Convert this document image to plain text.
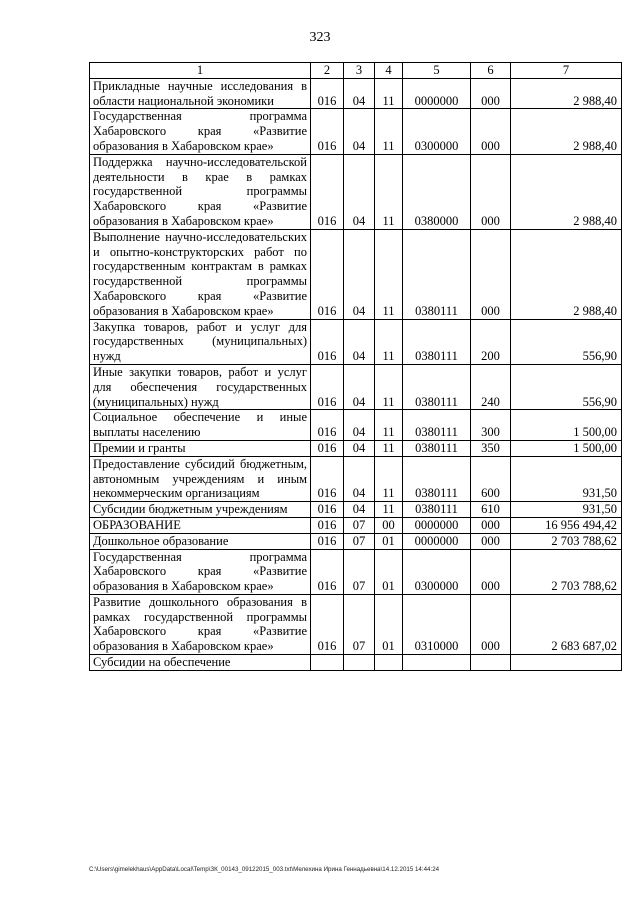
323
1	2	3	4	5	6	7
Прикладные научные исследования в области национальной экономики	016	04	11	0000000	000	2 988,40
Государственная программа Хабаровского края «Развитие образования в Хабаровском крае»	016	04	11	0300000	000	2 988,40
Поддержка научно-исследовательской деятельности в крае в рамках государственной программы Хабаровского края «Развитие образования в Хабаровском крае»	016	04	11	0380000	000	2 988,40
Выполнение научно-исследовательских и опытно-конструкторских работ по государственным контрактам в рамках государственной программы Хабаровского края «Развитие образования в Хабаровском крае»	016	04	11	0380111	000	2 988,40
Закупка товаров, работ и услуг для государственных (муниципальных) нужд	016	04	11	0380111	200	556,90
Иные закупки товаров, работ и услуг для обеспечения государственных (муниципальных) нужд	016	04	11	0380111	240	556,90
Социальное обеспечение и иные выплаты населению	016	04	11	0380111	300	1 500,00
Премии и гранты	016	04	11	0380111	350	1 500,00
Предоставление субсидий бюджетным, автономным учреждениям и иным некоммерческим организациям	016	04	11	0380111	600	931,50
Субсидии бюджетным учреждениям	016	04	11	0380111	610	931,50
ОБРАЗОВАНИЕ	016	07	00	0000000	000	16 956 494,42
Дошкольное образование	016	07	01	0000000	000	2 703 788,62
Государственная программа Хабаровского края «Развитие образования в Хабаровском крае»	016	07	01	0300000	000	2 703 788,62
Развитие дошкольного образования в рамках государственной программы Хабаровского края «Развитие образования в Хабаровском крае»	016	07	01	0310000	000	2 683 687,02
Субсидии на обеспечение						
C:\Users\gimelekhaus\AppData\Local\Temp\ЗК_00143_09122015_003.txt\Мелехина Ирина Геннадьевна\14.12.2015 14:44:24
